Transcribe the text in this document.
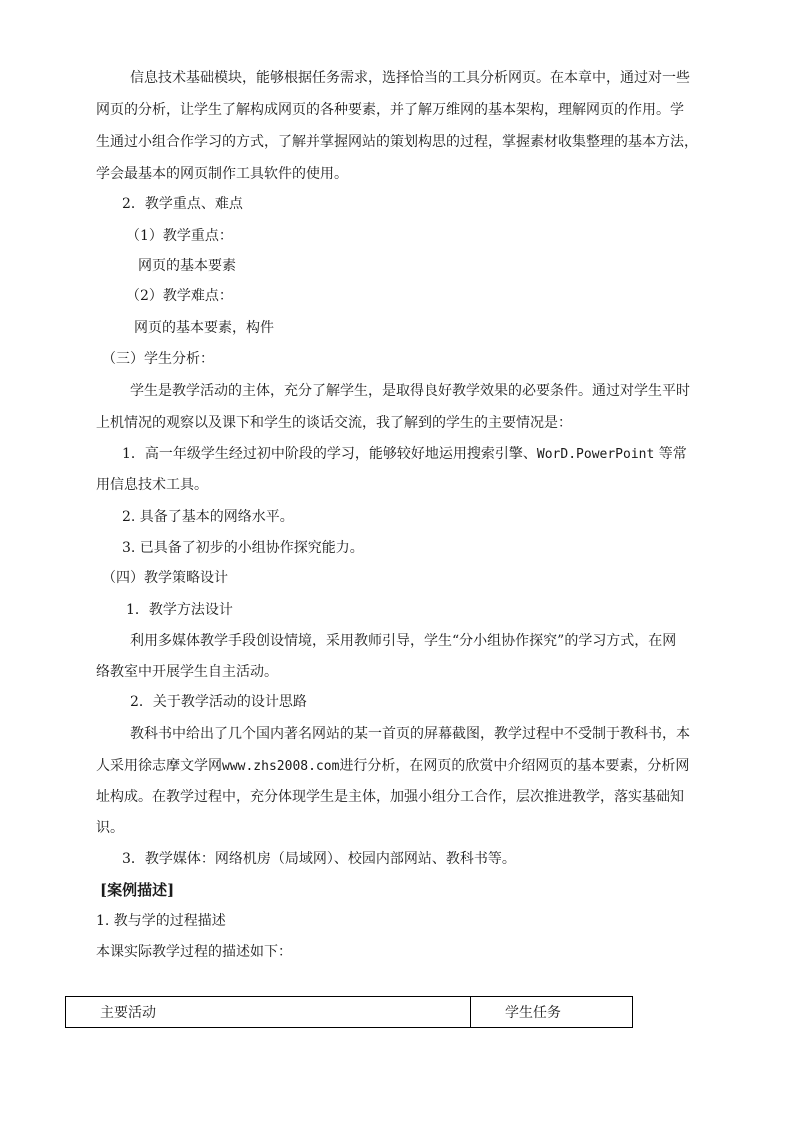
信息技术基础模块，能够根据任务需求，选择恰当的工具分析网页。在本章中，通过对一些
网页的分析，让学生了解构成网页的各种要素，并了解万维网的基本架构，理解网页的作用。学
生通过小组合作学习的方式，了解并掌握网站的策划构思的过程，掌握素材收集整理的基本方法，
学会最基本的网页制作工具软件的使用。
2．教学重点、难点
（1）教学重点：
网页的基本要素
（2）教学难点：
网页的基本要素，构件
（三）学生分析：
学生是教学活动的主体，充分了解学生，是取得良好教学效果的必要条件。通过对学生平时
上机情况的观察以及课下和学生的谈话交流，我了解到的学生的主要情况是：
1．高一年级学生经过初中阶段的学习，能够较好地运用搜索引擎、WorD.PowerPoint 等常
用信息技术工具。
2. 具备了基本的网络水平。
3. 已具备了初步的小组协作探究能力。
（四）教学策略设计
1．教学方法设计
利用多媒体教学手段创设情境，采用教师引导，学生“分小组协作探究”的学习方式，在网
络教室中开展学生自主活动。
2．关于教学活动的设计思路
教科书中给出了几个国内著名网站的某一首页的屏幕截图，教学过程中不受制于教科书，本
人采用徐志摩文学网www.zhs2008.com进行分析，在网页的欣赏中介绍网页的基本要素，分析网
址构成。在教学过程中，充分体现学生是主体，加强小组分工合作，层次推进教学，落实基础知
识。
3．教学媒体：网络机房（局域网）、校园内部网站、教科书等。
[案例描述]
1. 教与学的过程描述
本课实际教学过程的描述如下：
主要活动	学生任务
